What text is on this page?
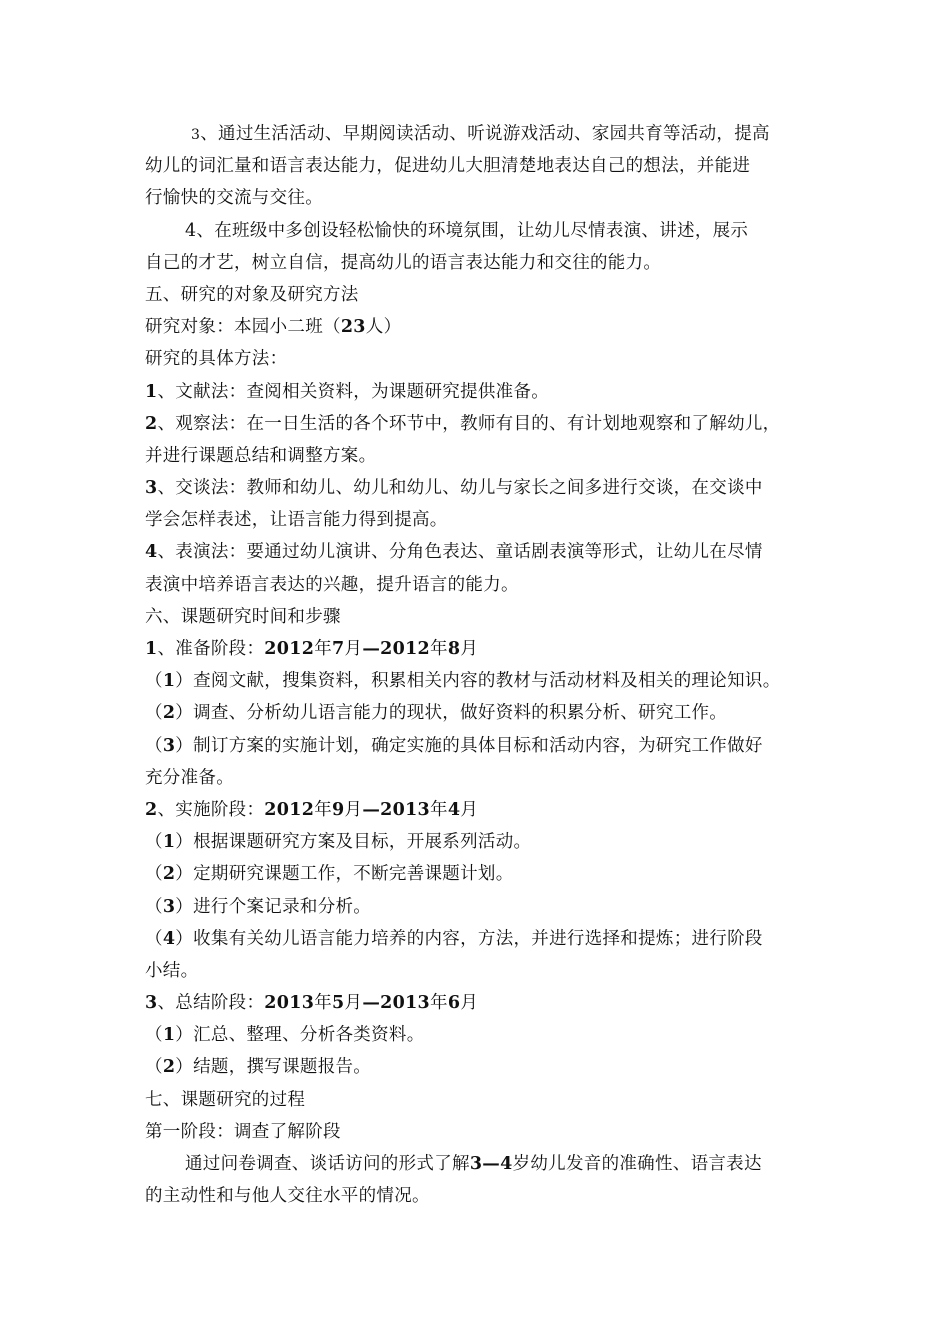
3、通过生活活动、早期阅读活动、听说游戏活动、家园共育等活动，提高
幼儿的词汇量和语言表达能力，促进幼儿大胆清楚地表达自己的想法，并能进
行愉快的交流与交往。
4、在班级中多创设轻松愉快的环境氛围，让幼儿尽情表演、讲述，展示
自己的才艺，树立自信，提高幼儿的语言表达能力和交往的能力。
五、研究的对象及研究方法
研究对象：本园小二班（23人）
研究的具体方法：
1、文献法：查阅相关资料，为课题研究提供准备。
2、观察法：在一日生活的各个环节中，教师有目的、有计划地观察和了解幼儿，
并进行课题总结和调整方案。
3、交谈法：教师和幼儿、幼儿和幼儿、幼儿与家长之间多进行交谈，在交谈中
学会怎样表述，让语言能力得到提高。
4、表演法：要通过幼儿演讲、分角色表达、童话剧表演等形式，让幼儿在尽情
表演中培养语言表达的兴趣，提升语言的能力。
六、课题研究时间和步骤
1、准备阶段：2012年7月—2012年8月
（1）查阅文献，搜集资料，积累相关内容的教材与活动材料及相关的理论知识。
（2）调查、分析幼儿语言能力的现状，做好资料的积累分析、研究工作。
（3）制订方案的实施计划，确定实施的具体目标和活动内容，为研究工作做好
充分准备。
2、实施阶段：2012年9月—2013年4月
（1）根据课题研究方案及目标，开展系列活动。
（2）定期研究课题工作，不断完善课题计划。
（3）进行个案记录和分析。
（4）收集有关幼儿语言能力培养的内容，方法，并进行选择和提炼；进行阶段
小结。
3、总结阶段：2013年5月—2013年6月
（1）汇总、整理、分析各类资料。
（2）结题，撰写课题报告。
七、课题研究的过程
第一阶段：调查了解阶段
通过问卷调查、谈话访问的形式了解3—4岁幼儿发音的准确性、语言表达
的主动性和与他人交往水平的情况。
